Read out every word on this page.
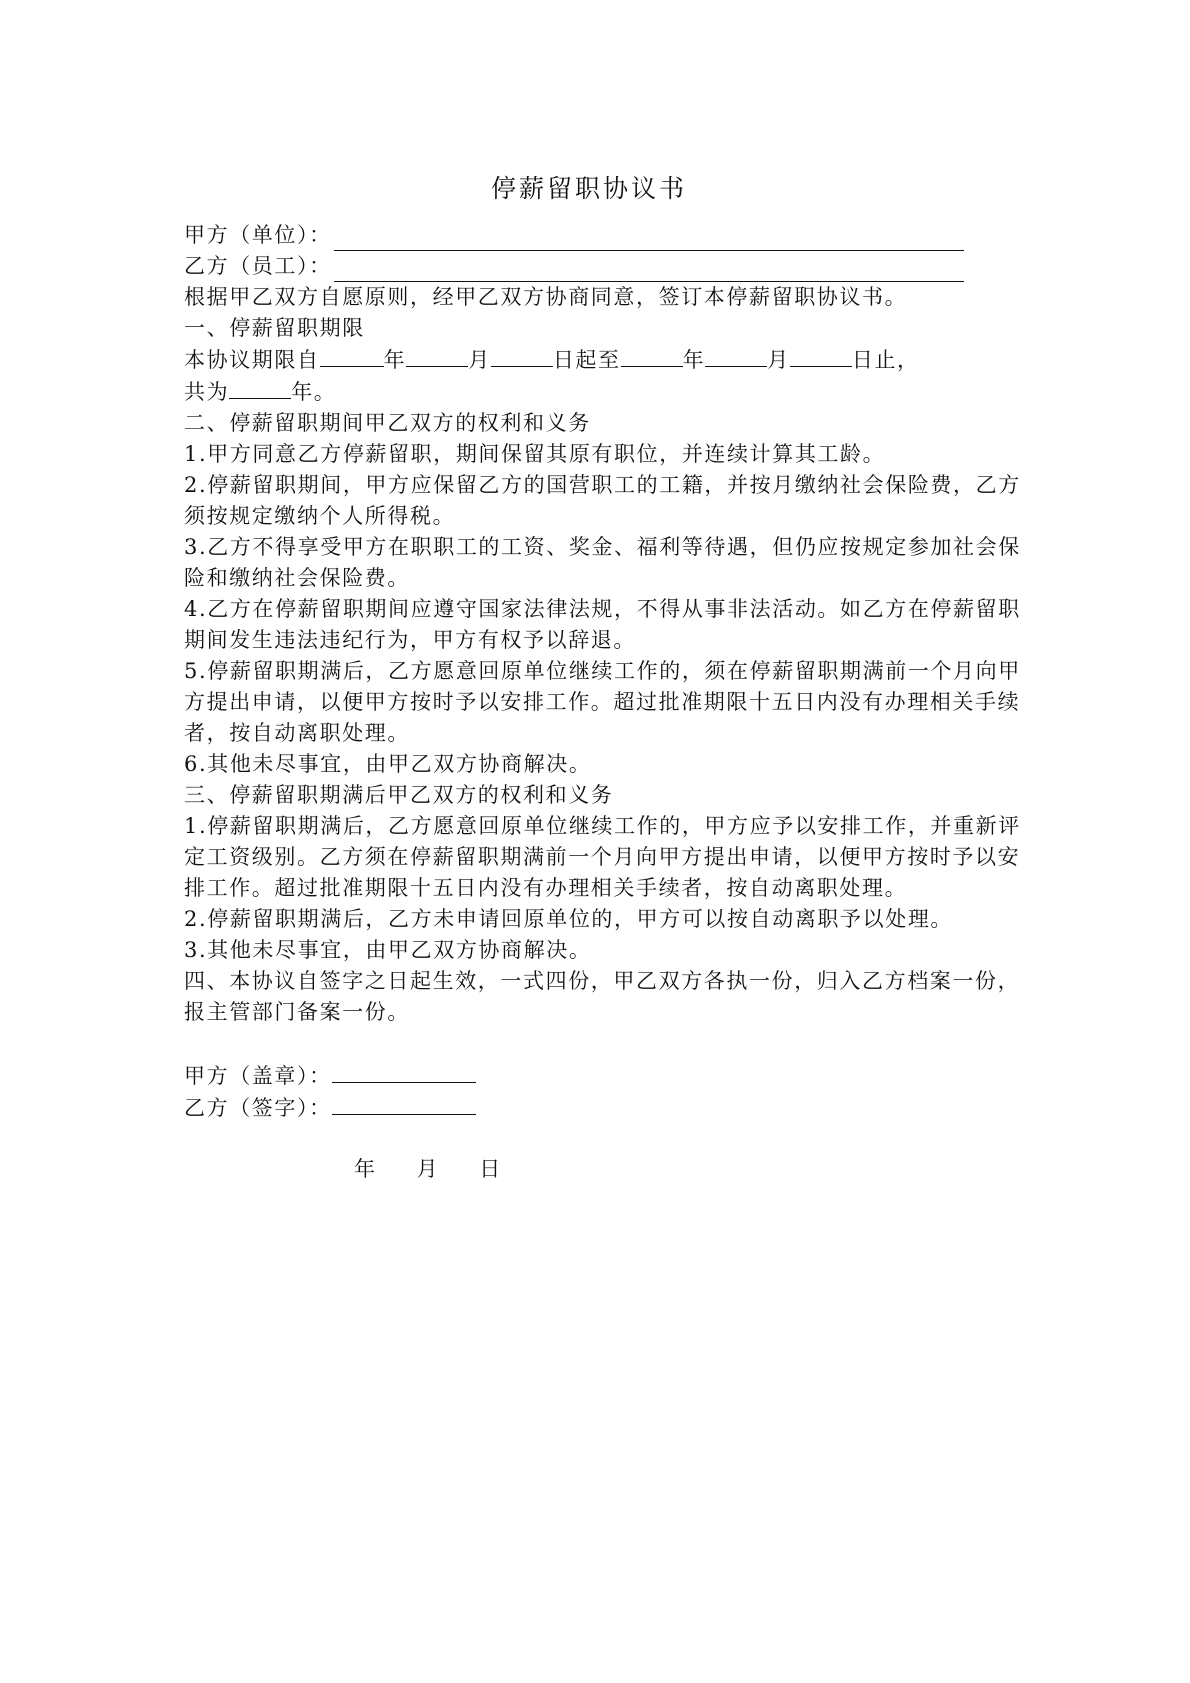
停薪留职协议书
甲方（单位）：
乙方（员工）：
根据甲乙双方自愿原则，经甲乙双方协商同意，签订本停薪留职协议书。
一、停薪留职期限
本协议期限自	年	月	日起至	年	月	日止，
共为	年。
二、停薪留职期间甲乙双方的权利和义务
1.甲方同意乙方停薪留职，期间保留其原有职位，并连续计算其工龄。
2.停薪留职期间，甲方应保留乙方的国营职工的工籍，并按月缴纳社会保险费，乙方须按规定缴纳个人所得税。
3.乙方不得享受甲方在职职工的工资、奖金、福利等待遇，但仍应按规定参加社会保险和缴纳社会保险费。
4.乙方在停薪留职期间应遵守国家法律法规，不得从事非法活动。如乙方在停薪留职期间发生违法违纪行为，甲方有权予以辞退。
5.停薪留职期满后，乙方愿意回原单位继续工作的，须在停薪留职期满前一个月向甲方提出申请，以便甲方按时予以安排工作。超过批准期限十五日内没有办理相关手续者，按自动离职处理。
6.其他未尽事宜，由甲乙双方协商解决。
三、停薪留职期满后甲乙双方的权利和义务
1.停薪留职期满后，乙方愿意回原单位继续工作的，甲方应予以安排工作，并重新评定工资级别。乙方须在停薪留职期满前一个月向甲方提出申请，以便甲方按时予以安排工作。超过批准期限十五日内没有办理相关手续者，按自动离职处理。
2.停薪留职期满后，乙方未申请回原单位的，甲方可以按自动离职予以处理。
3.其他未尽事宜，由甲乙双方协商解决。
四、本协议自签字之日起生效，一式四份，甲乙双方各执一份，归入乙方档案一份，报主管部门备案一份。
甲方（盖章）：
乙方（签字）：
年 月 日
